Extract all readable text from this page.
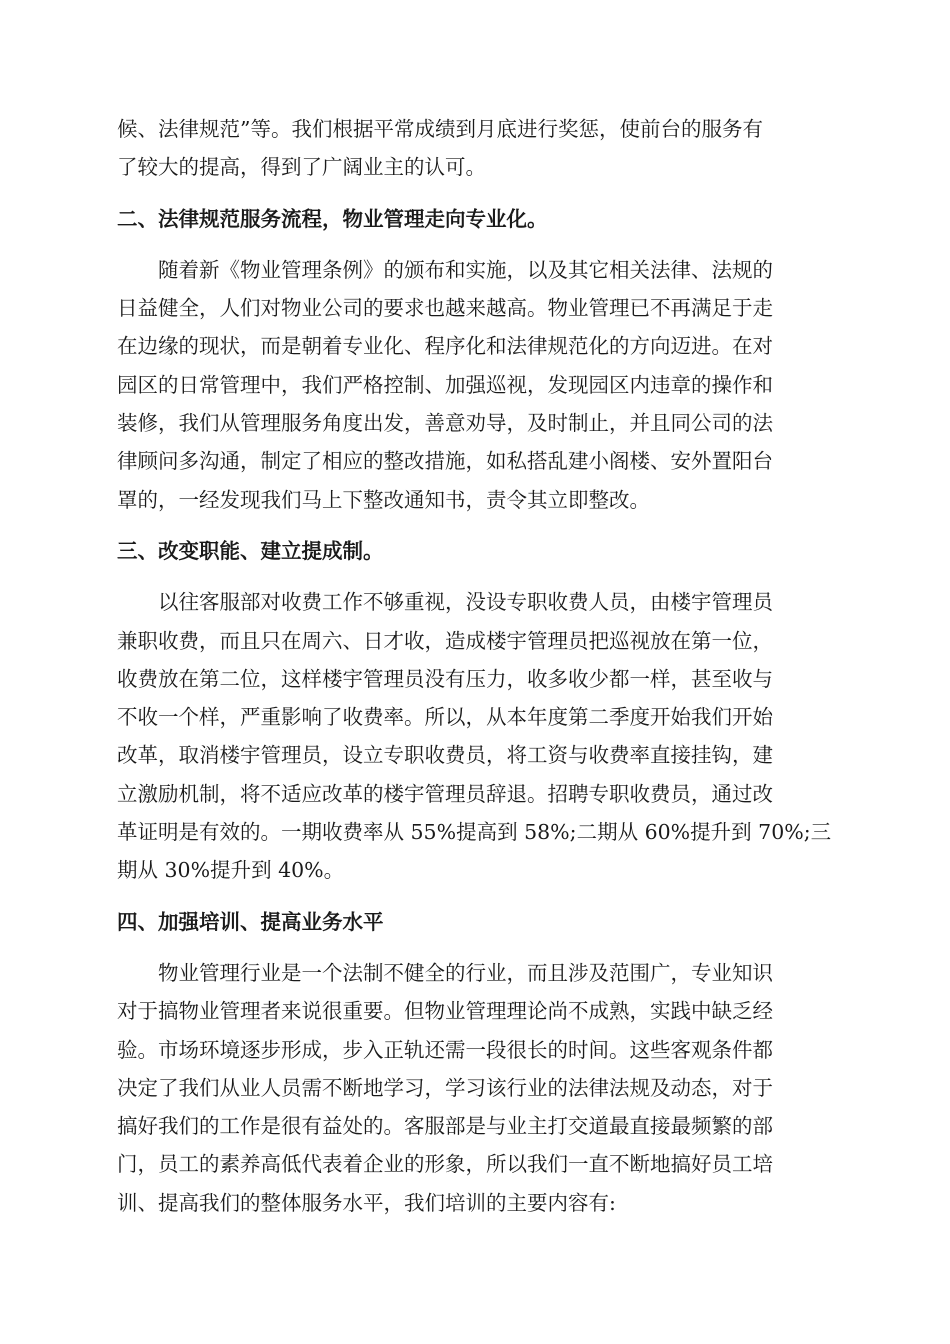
候、法律规范”等。我们根据平常成绩到月底进行奖惩，使前台的服务有
了较大的提高，得到了广阔业主的认可。

二、法律规范服务流程，物业管理走向专业化。

随着新《物业管理条例》的颁布和实施，以及其它相关法律、法规的
日益健全，人们对物业公司的要求也越来越高。物业管理已不再满足于走
在边缘的现状，而是朝着专业化、程序化和法律规范化的方向迈进。在对
园区的日常管理中，我们严格控制、加强巡视，发现园区内违章的操作和
装修，我们从管理服务角度出发，善意劝导，及时制止，并且同公司的法
律顾问多沟通，制定了相应的整改措施，如私搭乱建小阁楼、安外置阳台
罩的，一经发现我们马上下整改通知书，责令其立即整改。

三、改变职能、建立提成制。

以往客服部对收费工作不够重视，没设专职收费人员，由楼宇管理员
兼职收费，而且只在周六、日才收，造成楼宇管理员把巡视放在第一位，
收费放在第二位，这样楼宇管理员没有压力，收多收少都一样，甚至收与
不收一个样，严重影响了收费率。所以，从本年度第二季度开始我们开始
改革，取消楼宇管理员，设立专职收费员，将工资与收费率直接挂钩，建
立激励机制，将不适应改革的楼宇管理员辞退。招聘专职收费员，通过改
革证明是有效的。一期收费率从 55%提高到 58%;二期从 60%提升到 70%;三
期从 30%提升到 40%。

四、加强培训、提高业务水平

物业管理行业是一个法制不健全的行业，而且涉及范围广，专业知识
对于搞物业管理者来说很重要。但物业管理理论尚不成熟，实践中缺乏经
验。市场环境逐步形成，步入正轨还需一段很长的时间。这些客观条件都
决定了我们从业人员需不断地学习，学习该行业的法律法规及动态，对于
搞好我们的工作是很有益处的。客服部是与业主打交道最直接最频繁的部
门，员工的素养高低代表着企业的形象，所以我们一直不断地搞好员工培
训、提高我们的整体服务水平，我们培训的主要内容有:
